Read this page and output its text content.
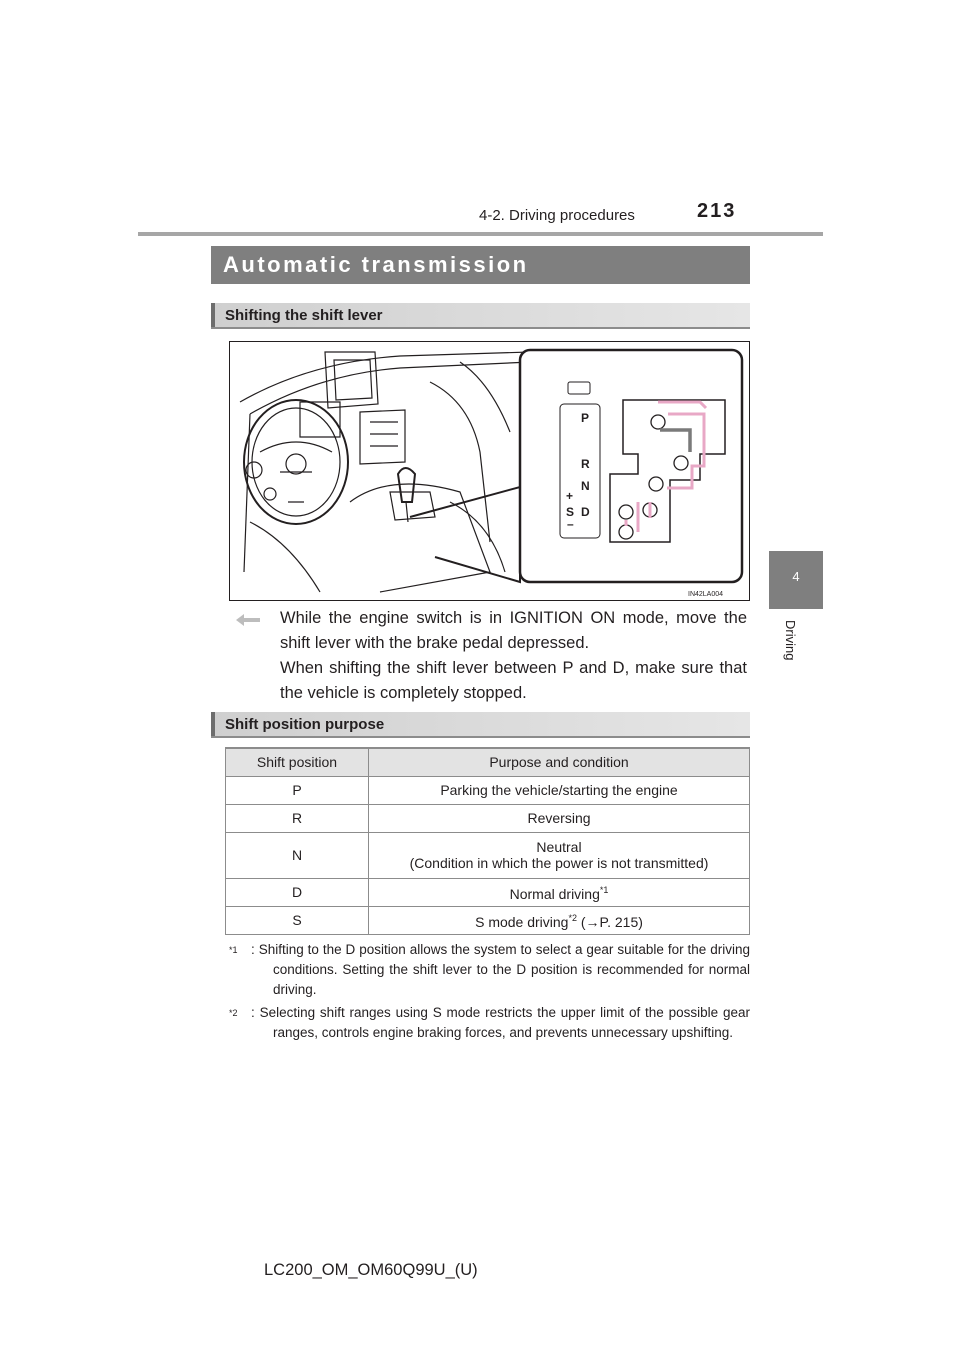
4-2. Driving procedures	213
4
Driving
Automatic transmission
Shifting the shift lever
P
R
N
D
S
+
–
IN42LA004

While the engine switch is in IGNITION ON mode, move the shift lever with the brake pedal depressed.

When shifting the shift lever between P and D, make sure that the vehicle is completely stopped.

Shift position purpose
Shift position	Purpose and condition
P	Parking the vehicle/starting the engine
R	Reversing
N	Neutral
(Condition in which the power is not transmitted)
D	Normal driving$^{*1}$
S	S mode driving$^{*2}$ (→P. 215)
*1 : Shifting to the D position allows the system to select a gear suitable for the driving conditions. Setting the shift lever to the D position is recommended for normal driving.
*2 : Selecting shift ranges using S mode restricts the upper limit of the possible gear ranges, controls engine braking forces, and prevents unnecessary upshifting.
LC200_OM_OM60Q99U_(U)
